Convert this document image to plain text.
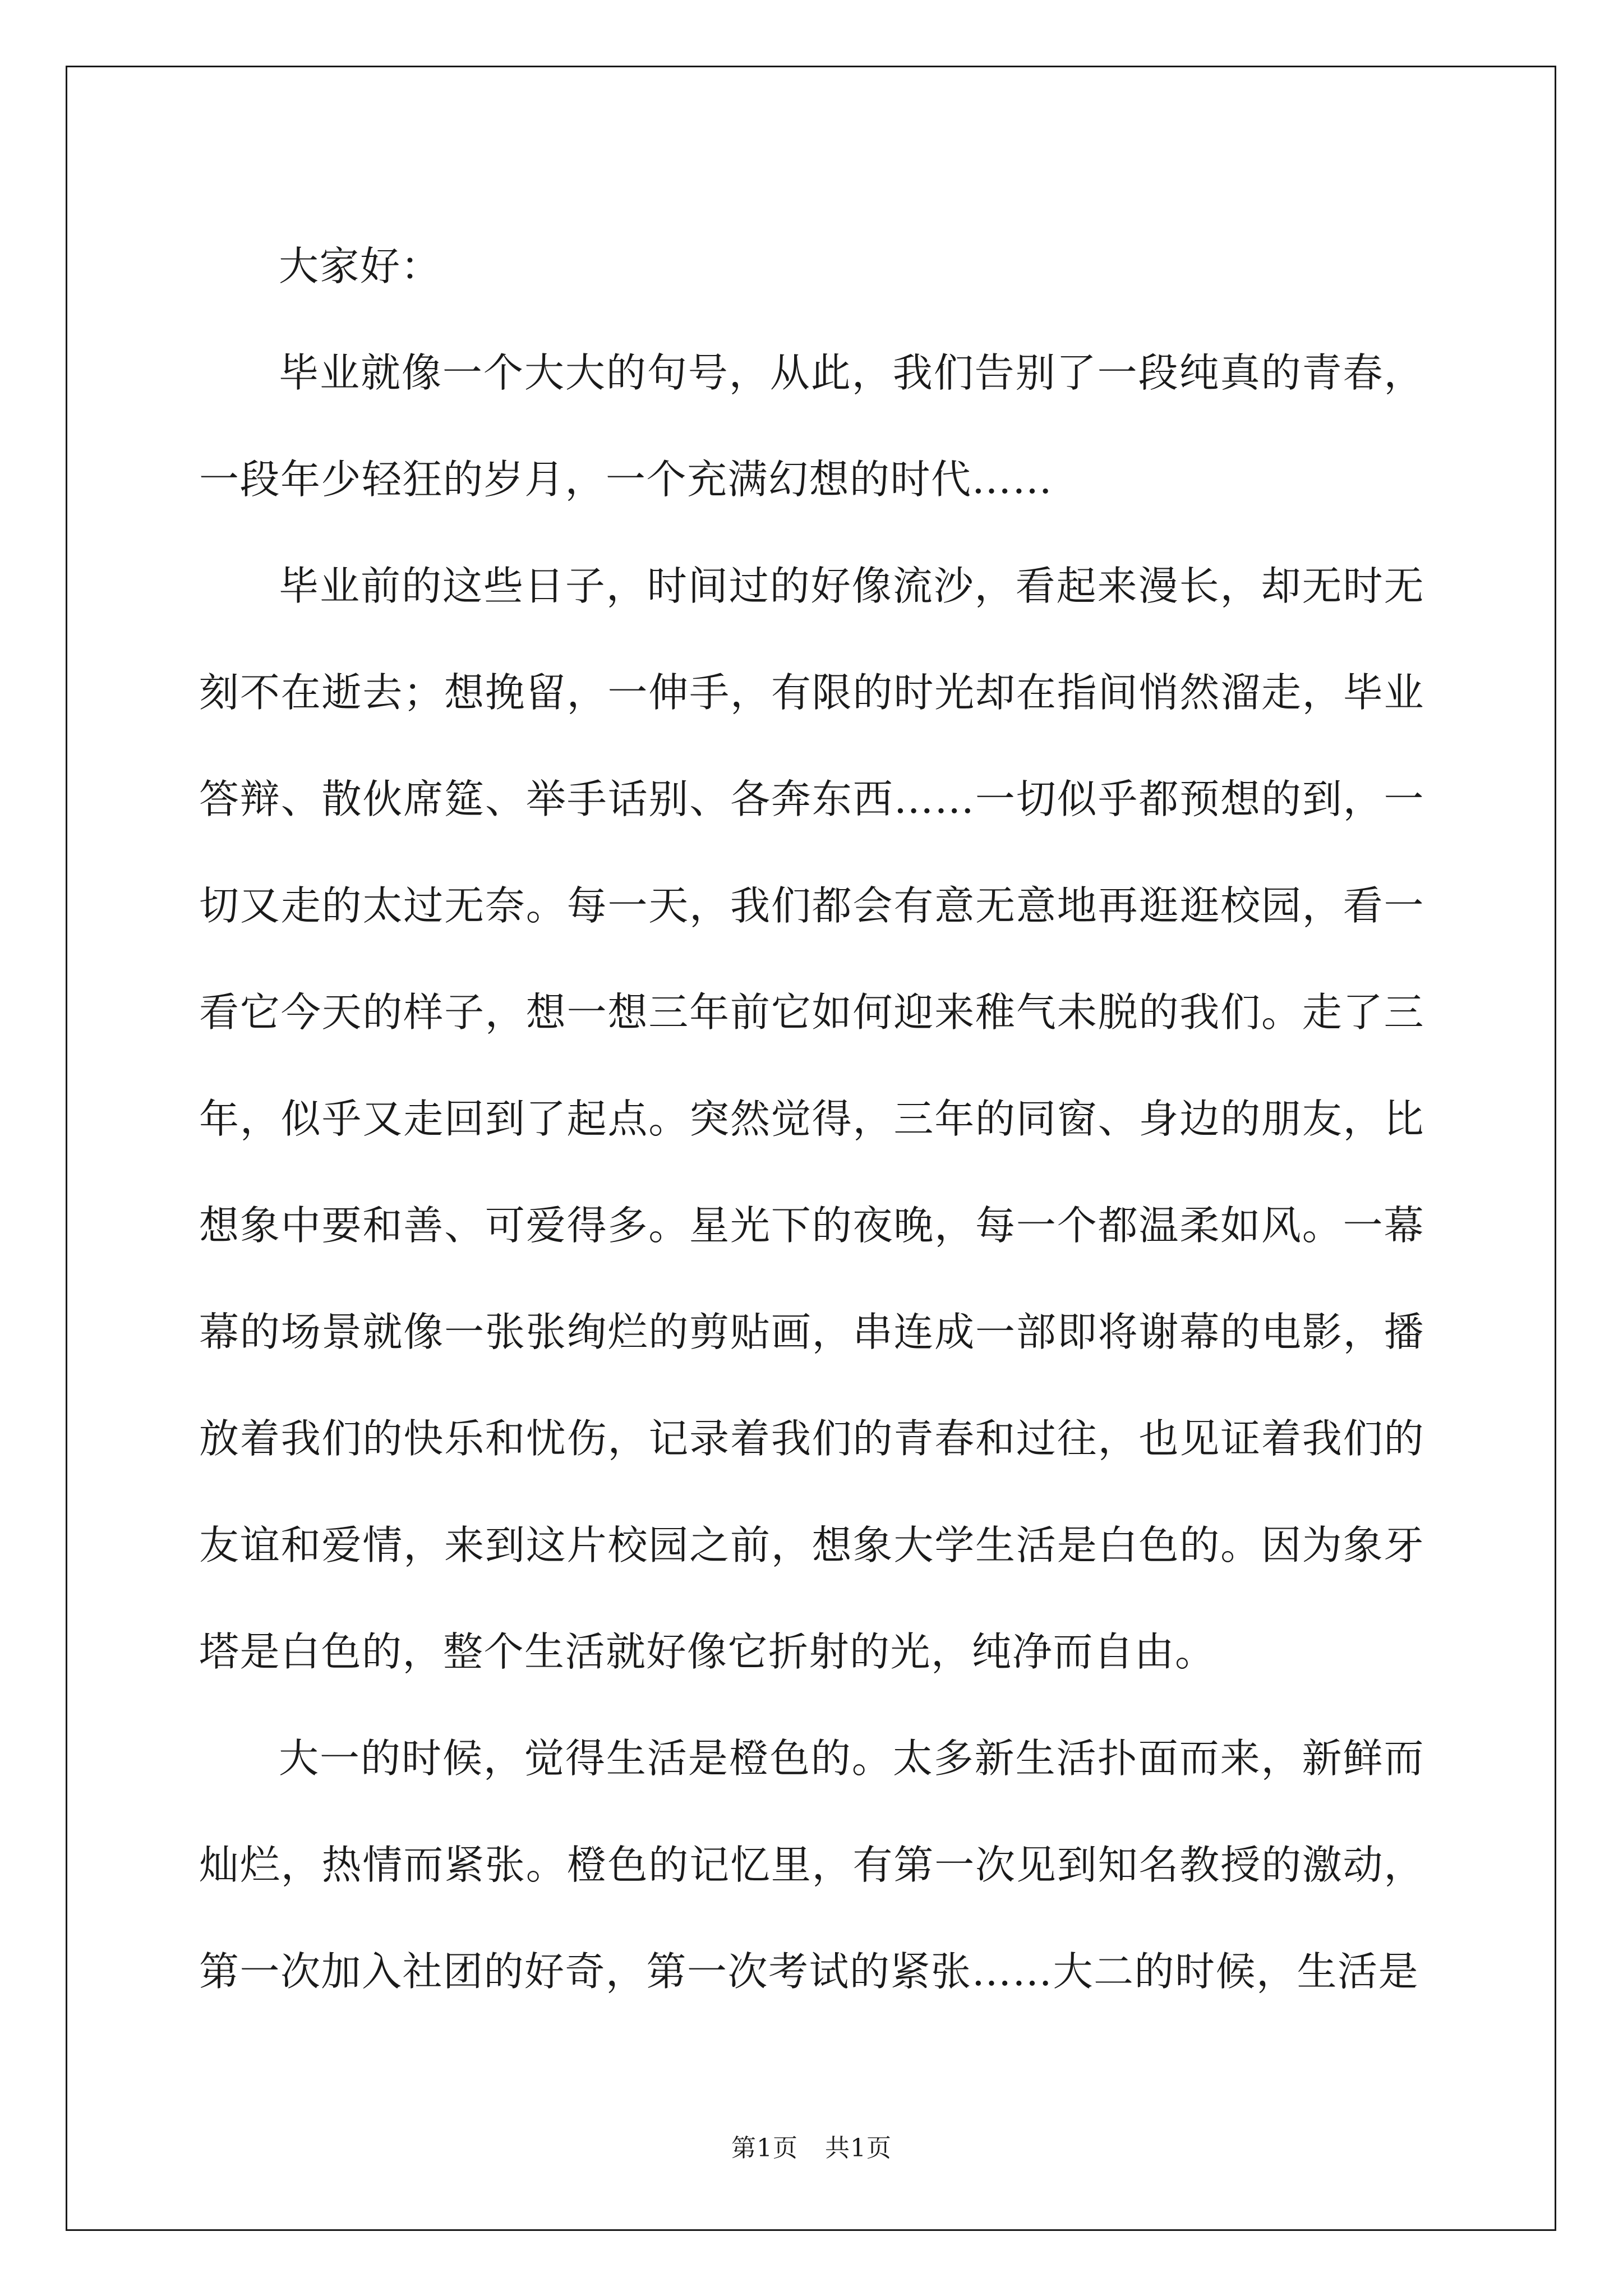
大家好：

毕业就像一个大大的句号，从此，我们告别了一段纯真的青春，一段年少轻狂的岁月，一个充满幻想的时代……

毕业前的这些日子，时间过的好像流沙，看起来漫长，却无时无刻不在逝去；想挽留，一伸手，有限的时光却在指间悄然溜走，毕业答辩、散伙席筵、举手话别、各奔东西……一切似乎都预想的到，一切又走的太过无奈。每一天，我们都会有意无意地再逛逛校园，看一看它今天的样子，想一想三年前它如何迎来稚气未脱的我们。走了三年，似乎又走回到了起点。突然觉得，三年的同窗、身边的朋友，比想象中要和善、可爱得多。星光下的夜晚，每一个都温柔如风。一幕幕的场景就像一张张绚烂的剪贴画，串连成一部即将谢幕的电影，播放着我们的快乐和忧伤，记录着我们的青春和过往，也见证着我们的友谊和爱情，来到这片校园之前，想象大学生活是白色的。因为象牙塔是白色的，整个生活就好像它折射的光，纯净而自由。

大一的时候，觉得生活是橙色的。太多新生活扑面而来，新鲜而灿烂，热情而紧张。橙色的记忆里，有第一次见到知名教授的激动，第一次加入社团的好奇，第一次考试的紧张……大二的时候，生活是

第1页 共1页
